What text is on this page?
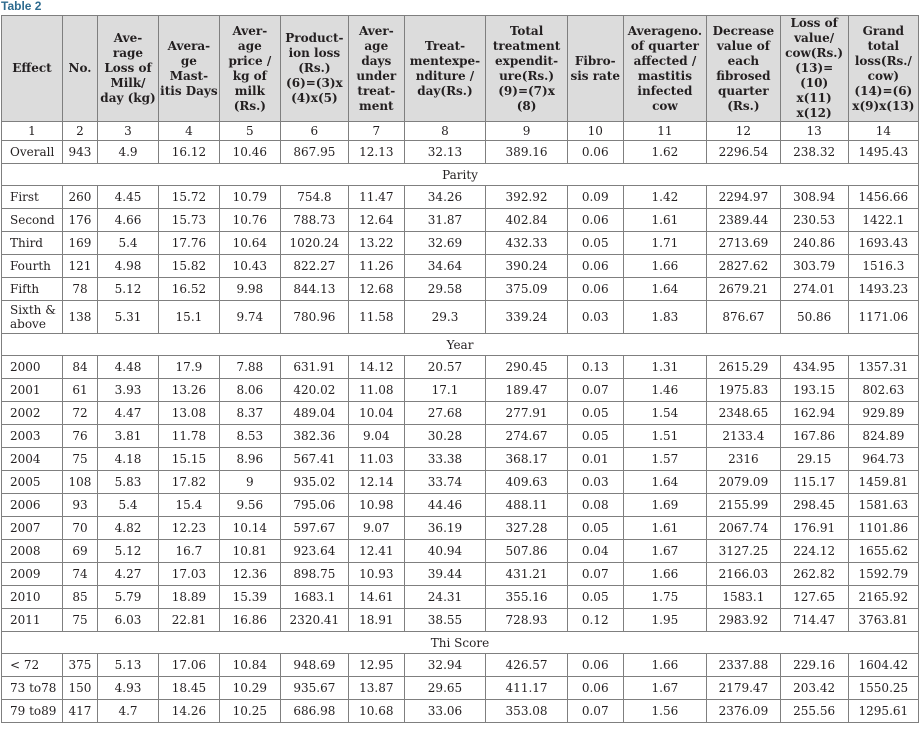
Table 2
Effect	No.	Ave-rage Loss of Milk/ day (kg)	Avera-ge Mast-itis Days	Aver-age price / kg of milk (Rs.)	Product-ion loss (Rs.) (6)=(3)x (4)x(5)	Aver-age days under treat-ment	Treat-mentexpe-nditure / day(Rs.)	Total treatment expendit-ure(Rs.) (9)=(7)x (8)	Fibro-sis rate	Averageno. of quarter affected / mastitis infected cow	Decrease value of each fibrosed quarter (Rs.)	Loss of value/ cow(Rs.) (13)=(10) x(11) x(12)	Grand total loss(Rs./ cow) (14)=(6) x(9)x(13)
1	2	3	4	5	6	7	8	9	10	11	12	13	14
Overall	943	4.9	16.12	10.46	867.95	12.13	32.13	389.16	0.06	1.62	2296.54	238.32	1495.43
Parity													
First	260	4.45	15.72	10.79	754.8	11.47	34.26	392.92	0.09	1.42	2294.97	308.94	1456.66
Second	176	4.66	15.73	10.76	788.73	12.64	31.87	402.84	0.06	1.61	2389.44	230.53	1422.1
Third	169	5.4	17.76	10.64	1020.24	13.22	32.69	432.33	0.05	1.71	2713.69	240.86	1693.43
Fourth	121	4.98	15.82	10.43	822.27	11.26	34.64	390.24	0.06	1.66	2827.62	303.79	1516.3
Fifth	78	5.12	16.52	9.98	844.13	12.68	29.58	375.09	0.06	1.64	2679.21	274.01	1493.23
Sixth & above	138	5.31	15.1	9.74	780.96	11.58	29.3	339.24	0.03	1.83	876.67	50.86	1171.06
Year													
2000	84	4.48	17.9	7.88	631.91	14.12	20.57	290.45	0.13	1.31	2615.29	434.95	1357.31
2001	61	3.93	13.26	8.06	420.02	11.08	17.1	189.47	0.07	1.46	1975.83	193.15	802.63
2002	72	4.47	13.08	8.37	489.04	10.04	27.68	277.91	0.05	1.54	2348.65	162.94	929.89
2003	76	3.81	11.78	8.53	382.36	9.04	30.28	274.67	0.05	1.51	2133.4	167.86	824.89
2004	75	4.18	15.15	8.96	567.41	11.03	33.38	368.17	0.01	1.57	2316	29.15	964.73
2005	108	5.83	17.82	9	935.02	12.14	33.74	409.63	0.03	1.64	2079.09	115.17	1459.81
2006	93	5.4	15.4	9.56	795.06	10.98	44.46	488.11	0.08	1.69	2155.99	298.45	1581.63
2007	70	4.82	12.23	10.14	597.67	9.07	36.19	327.28	0.05	1.61	2067.74	176.91	1101.86
2008	69	5.12	16.7	10.81	923.64	12.41	40.94	507.86	0.04	1.67	3127.25	224.12	1655.62
2009	74	4.27	17.03	12.36	898.75	10.93	39.44	431.21	0.07	1.66	2166.03	262.82	1592.79
2010	85	5.79	18.89	15.39	1683.1	14.61	24.31	355.16	0.05	1.75	1583.1	127.65	2165.92
2011	75	6.03	22.81	16.86	2320.41	18.91	38.55	728.93	0.12	1.95	2983.92	714.47	3763.81
Thi Score													
< 72	375	5.13	17.06	10.84	948.69	12.95	32.94	426.57	0.06	1.66	2337.88	229.16	1604.42
73 to78	150	4.93	18.45	10.29	935.67	13.87	29.65	411.17	0.06	1.67	2179.47	203.42	1550.25
79 to89	417	4.7	14.26	10.25	686.98	10.68	33.06	353.08	0.07	1.56	2376.09	255.56	1295.61
